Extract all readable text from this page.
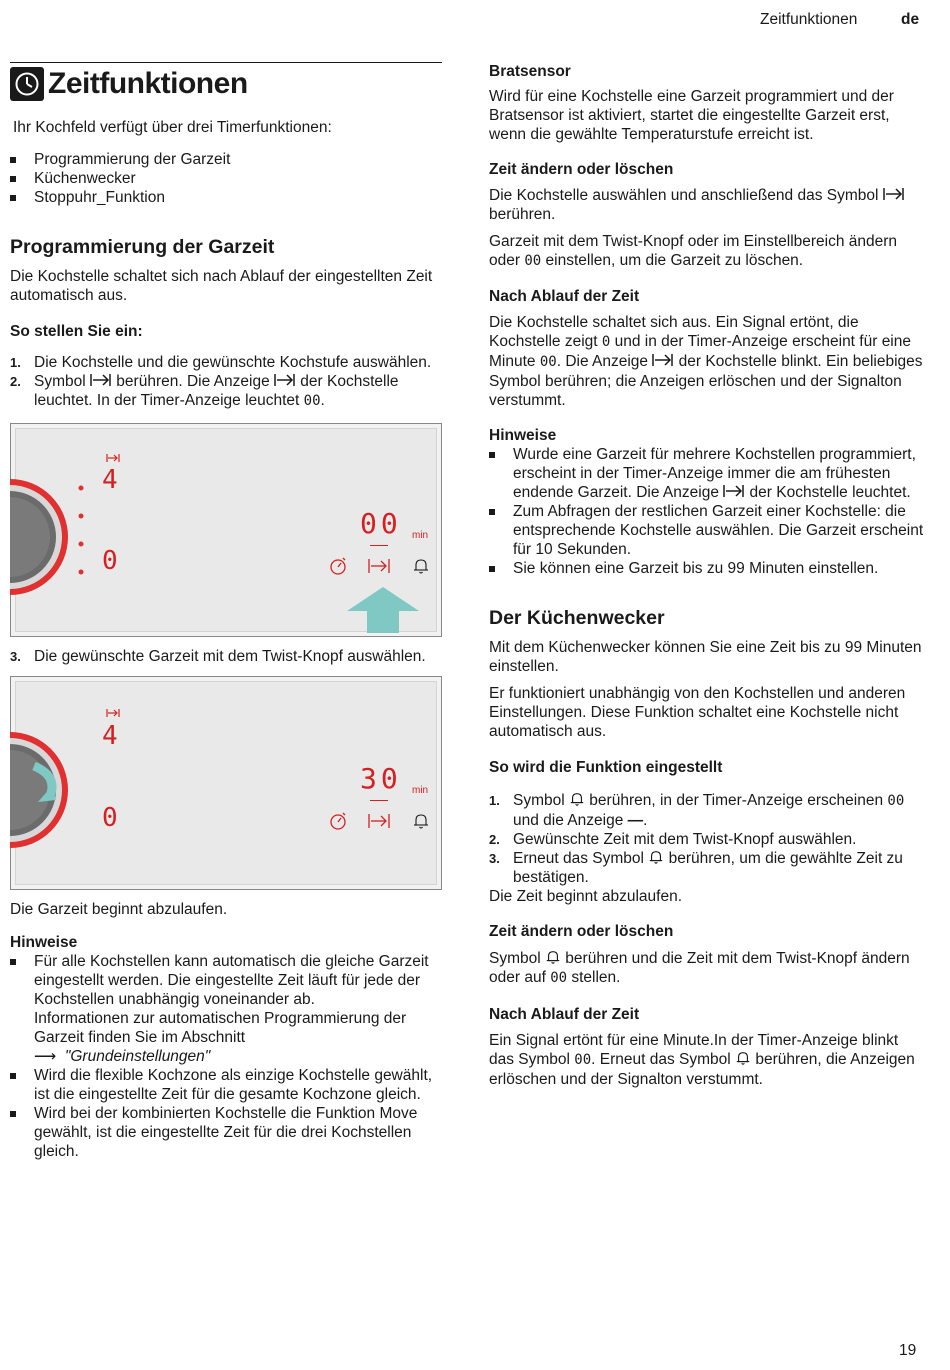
Zeitfunktionen	de
Zeitfunktionen

Ihr Kochfeld verfügt über drei Timerfunktionen:

Programmierung der Garzeit
Küchenwecker
Stoppuhr_Funktion
Programmierung der Garzeit

Die Kochstelle schaltet sich nach Ablauf der eingestellten Zeit automatisch aus.

So stellen Sie ein:
1. Die Kochstelle und die gewünschte Kochstufe auswählen.
2. Symbol  berühren. Die Anzeige  der Kochstelle leuchtet. In der Timer-Anzeige leuchtet 00.
4
0
00 min
3. Die gewünschte Garzeit mit dem Twist-Knopf auswählen.
4
0
30 min

Die Garzeit beginnt abzulaufen.

Hinweise
Für alle Kochstellen kann automatisch die gleiche Garzeit eingestellt werden. Die eingestellte Zeit läuft für jede der Kochstellen unabhängig voneinander ab.
Informationen zur automatischen Programmierung der Garzeit finden Sie im Abschnitt
⟶ "Grundeinstellungen"
Wird die flexible Kochzone als einzige Kochstelle gewählt, ist die eingestellte Zeit für die gesamte Kochzone gleich.
Wird bei der kombinierten Kochstelle die Funktion Move gewählt, ist die eingestellte Zeit für die drei Kochstellen gleich.
Bratsensor

Wird für eine Kochstelle eine Garzeit programmiert und der Bratsensor ist aktiviert, startet die eingestellte Garzeit erst, wenn die gewählte Temperaturstufe erreicht ist.

Zeit ändern oder löschen

Die Kochstelle auswählen und anschließend das Symbol  berühren.

Garzeit mit dem Twist-Knopf oder im Einstellbereich ändern oder 00 einstellen, um die Garzeit zu löschen.

Nach Ablauf der Zeit

Die Kochstelle schaltet sich aus. Ein Signal ertönt, die Kochstelle zeigt 0 und in der Timer-Anzeige erscheint für eine Minute 00. Die Anzeige  der Kochstelle blinkt. Ein beliebiges Symbol berühren; die Anzeigen erlöschen und der Signalton verstummt.

Hinweise
Wurde eine Garzeit für mehrere Kochstellen programmiert, erscheint in der Timer-Anzeige immer die am frühesten endende Garzeit. Die Anzeige  der Kochstelle leuchtet.
Zum Abfragen der restlichen Garzeit einer Kochstelle: die entsprechende Kochstelle auswählen. Die Garzeit erscheint für 10 Sekunden.
Sie können eine Garzeit bis zu 99 Minuten einstellen.
Der Küchenwecker

Mit dem Küchenwecker können Sie eine Zeit bis zu 99 Minuten einstellen.

Er funktioniert unabhängig von den Kochstellen und anderen Einstellungen. Diese Funktion schaltet eine Kochstelle nicht automatisch aus.

So wird die Funktion eingestellt
1. Symbol  berühren, in der Timer-Anzeige erscheinen 00 und die Anzeige —.
2. Gewünschte Zeit mit dem Twist-Knopf auswählen.
3. Erneut das Symbol  berühren, um die gewählte Zeit zu bestätigen.

Die Zeit beginnt abzulaufen.

Zeit ändern oder löschen

Symbol  berühren und die Zeit mit dem Twist-Knopf ändern oder auf 00 stellen.

Nach Ablauf der Zeit

Ein Signal ertönt für eine Minute.In der Timer-Anzeige blinkt das Symbol 00. Erneut das Symbol  berühren, die Anzeigen erlöschen und der Signalton verstummt.

19
